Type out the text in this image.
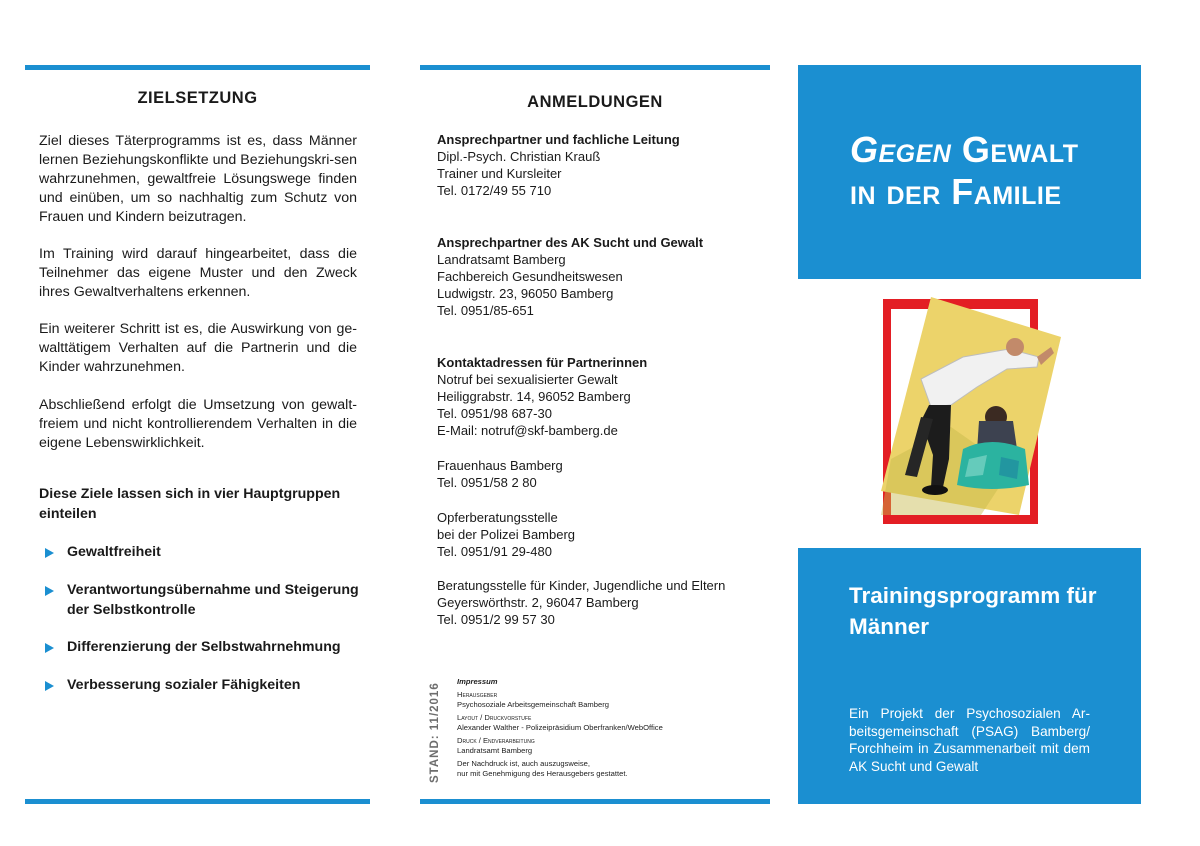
ZIELSETZUNG
Ziel dieses Täterprogramms ist es, dass Männer lernen Beziehungskonflikte und Beziehungskri-sen wahrzunehmen, gewaltfreie Lösungswege finden und einüben, um so nachhaltig zum Schutz von Frauen und Kindern beizutragen.
Im Training wird darauf hingearbeitet, dass die Teilnehmer das eigene Muster und den Zweck ihres Gewaltverhaltens erkennen.
Ein weiterer Schritt ist es, die Auswirkung von ge-walttätigem Verhalten auf die Partnerin und die Kinder wahrzunehmen.
Abschließend erfolgt die Umsetzung von gewalt-freiem und nicht kontrollierendem Verhalten in die eigene Lebenswirklichkeit.
Diese Ziele lassen sich in vier Hauptgruppen einteilen
Gewaltfreiheit
Verantwortungsübernahme und Steigerung der Selbstkontrolle
Differenzierung der Selbstwahrnehmung
Verbesserung sozialer Fähigkeiten
ANMELDUNGEN
Ansprechpartner und fachliche Leitung
Dipl.-Psych. Christian Krauß
Trainer und Kursleiter
Tel. 0172/49 55 710
Ansprechpartner des AK Sucht und Gewalt
Landratsamt Bamberg
Fachbereich Gesundheitswesen
Ludwigstr. 23, 96050 Bamberg
Tel. 0951/85-651
Kontaktadressen für Partnerinnen
Notruf bei sexualisierter Gewalt
Heiliggrabstr. 14, 96052 Bamberg
Tel. 0951/98 687-30
E-Mail: notruf@skf-bamberg.de
Frauenhaus Bamberg
Tel. 0951/58 2 80
Opferberatungsstelle
bei der Polizei Bamberg
Tel. 0951/91 29-480
Beratungsstelle für Kinder, Jugendliche und Eltern
Geyerswörthstr. 2, 96047 Bamberg
Tel. 0951/2 99 57 30
STAND: 11/2016
Impressum
Herausgeber
Psychosoziale Arbeitsgemeinschaft Bamberg
Layout / Druckvorstufe
Alexander Walther - Polizeipräsidium Oberfranken/WebOffice
Druck / Endverarbeitung
Landratsamt Bamberg
Der Nachdruck ist, auch auszugsweise,
nur mit Genehmigung des Herausgebers gestattet.
Gegen Gewalt
in der Familie
Trainingsprogramm für Männer
Ein Projekt der Psychosozialen Ar-beitsgemeinschaft (PSAG) Bamberg/ Forchheim in Zusammenarbeit mit dem AK Sucht und Gewalt
